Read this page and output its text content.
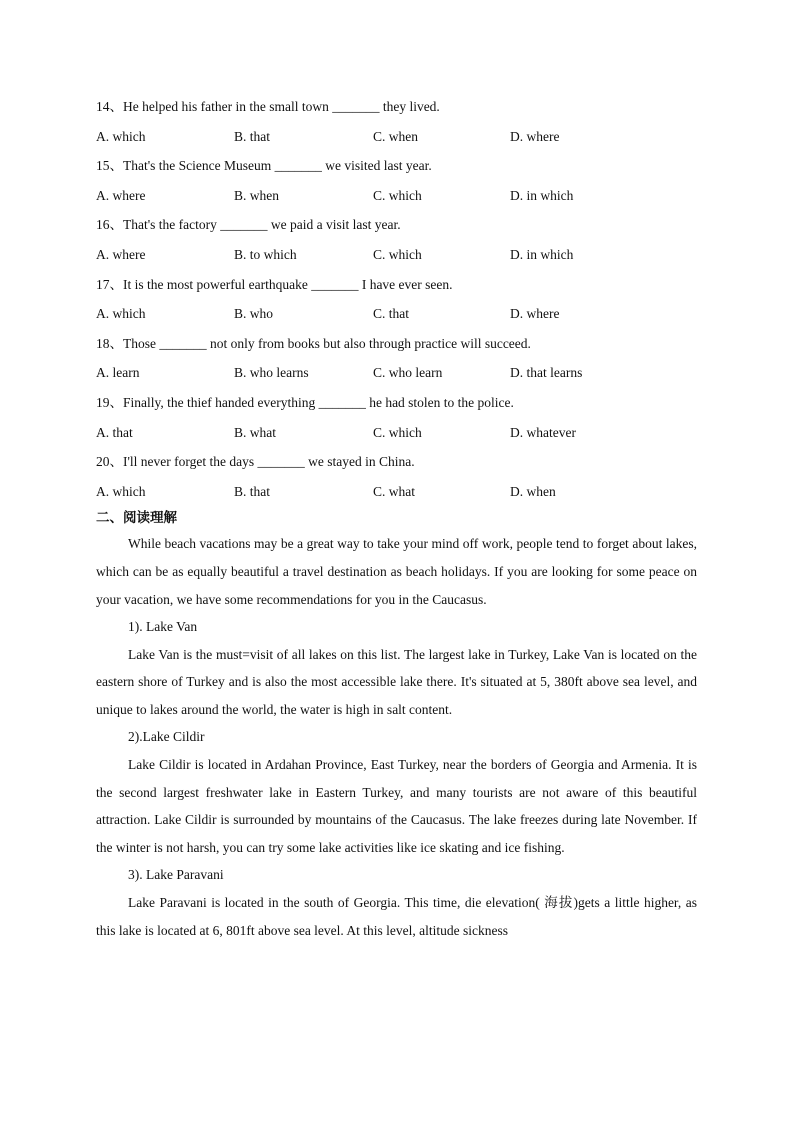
14、He helped his father in the small town _______ they lived.
A. which	B. that	C. when	D. where
15、That's the Science Museum _______ we visited last year.
A. where	B. when	C. which	D. in which
16、That's the factory _______ we paid a visit last year.
A. where	B. to which	C. which	D. in which
17、It is the most powerful earthquake _______ I have ever seen.
A. which	B. who	C. that	D. where
18、Those _______ not only from books but also through practice will succeed.
A. learn	B. who learns	C. who learn	D. that learns
19、Finally, the thief handed everything _______ he had stolen to the police.
A. that	B. what	C. which	D. whatever
20、I'll never forget the days _______ we stayed in China.
A. which	B. that	C. what	D. when
二、阅读理解

While beach vacations may be a great way to take your mind off work, people tend to forget about lakes, which can be as equally beautiful a travel destination as beach holidays. If you are looking for some peace on your vacation, we have some recommendations for you in the Caucasus.

1). Lake Van

Lake Van is the must=visit of all lakes on this list. The largest lake in Turkey, Lake Van is located on the eastern shore of Turkey and is also the most accessible lake there. It's situated at 5, 380ft above sea level, and unique to lakes around the world, the water is high in salt content.

2).Lake Cildir

Lake Cildir is located in Ardahan Province, East Turkey, near the borders of Georgia and Armenia. It is the second largest freshwater lake in Eastern Turkey, and many tourists are not aware of this beautiful attraction. Lake Cildir is surrounded by mountains of the Caucasus. The lake freezes during late November. If the winter is not harsh, you can try some lake activities like ice skating and ice fishing.

3). Lake Paravani

Lake Paravani is located in the south of Georgia. This time, die elevation( 海拔)gets a little higher, as this lake is located at 6, 801ft above sea level. At this level, altitude sickness
